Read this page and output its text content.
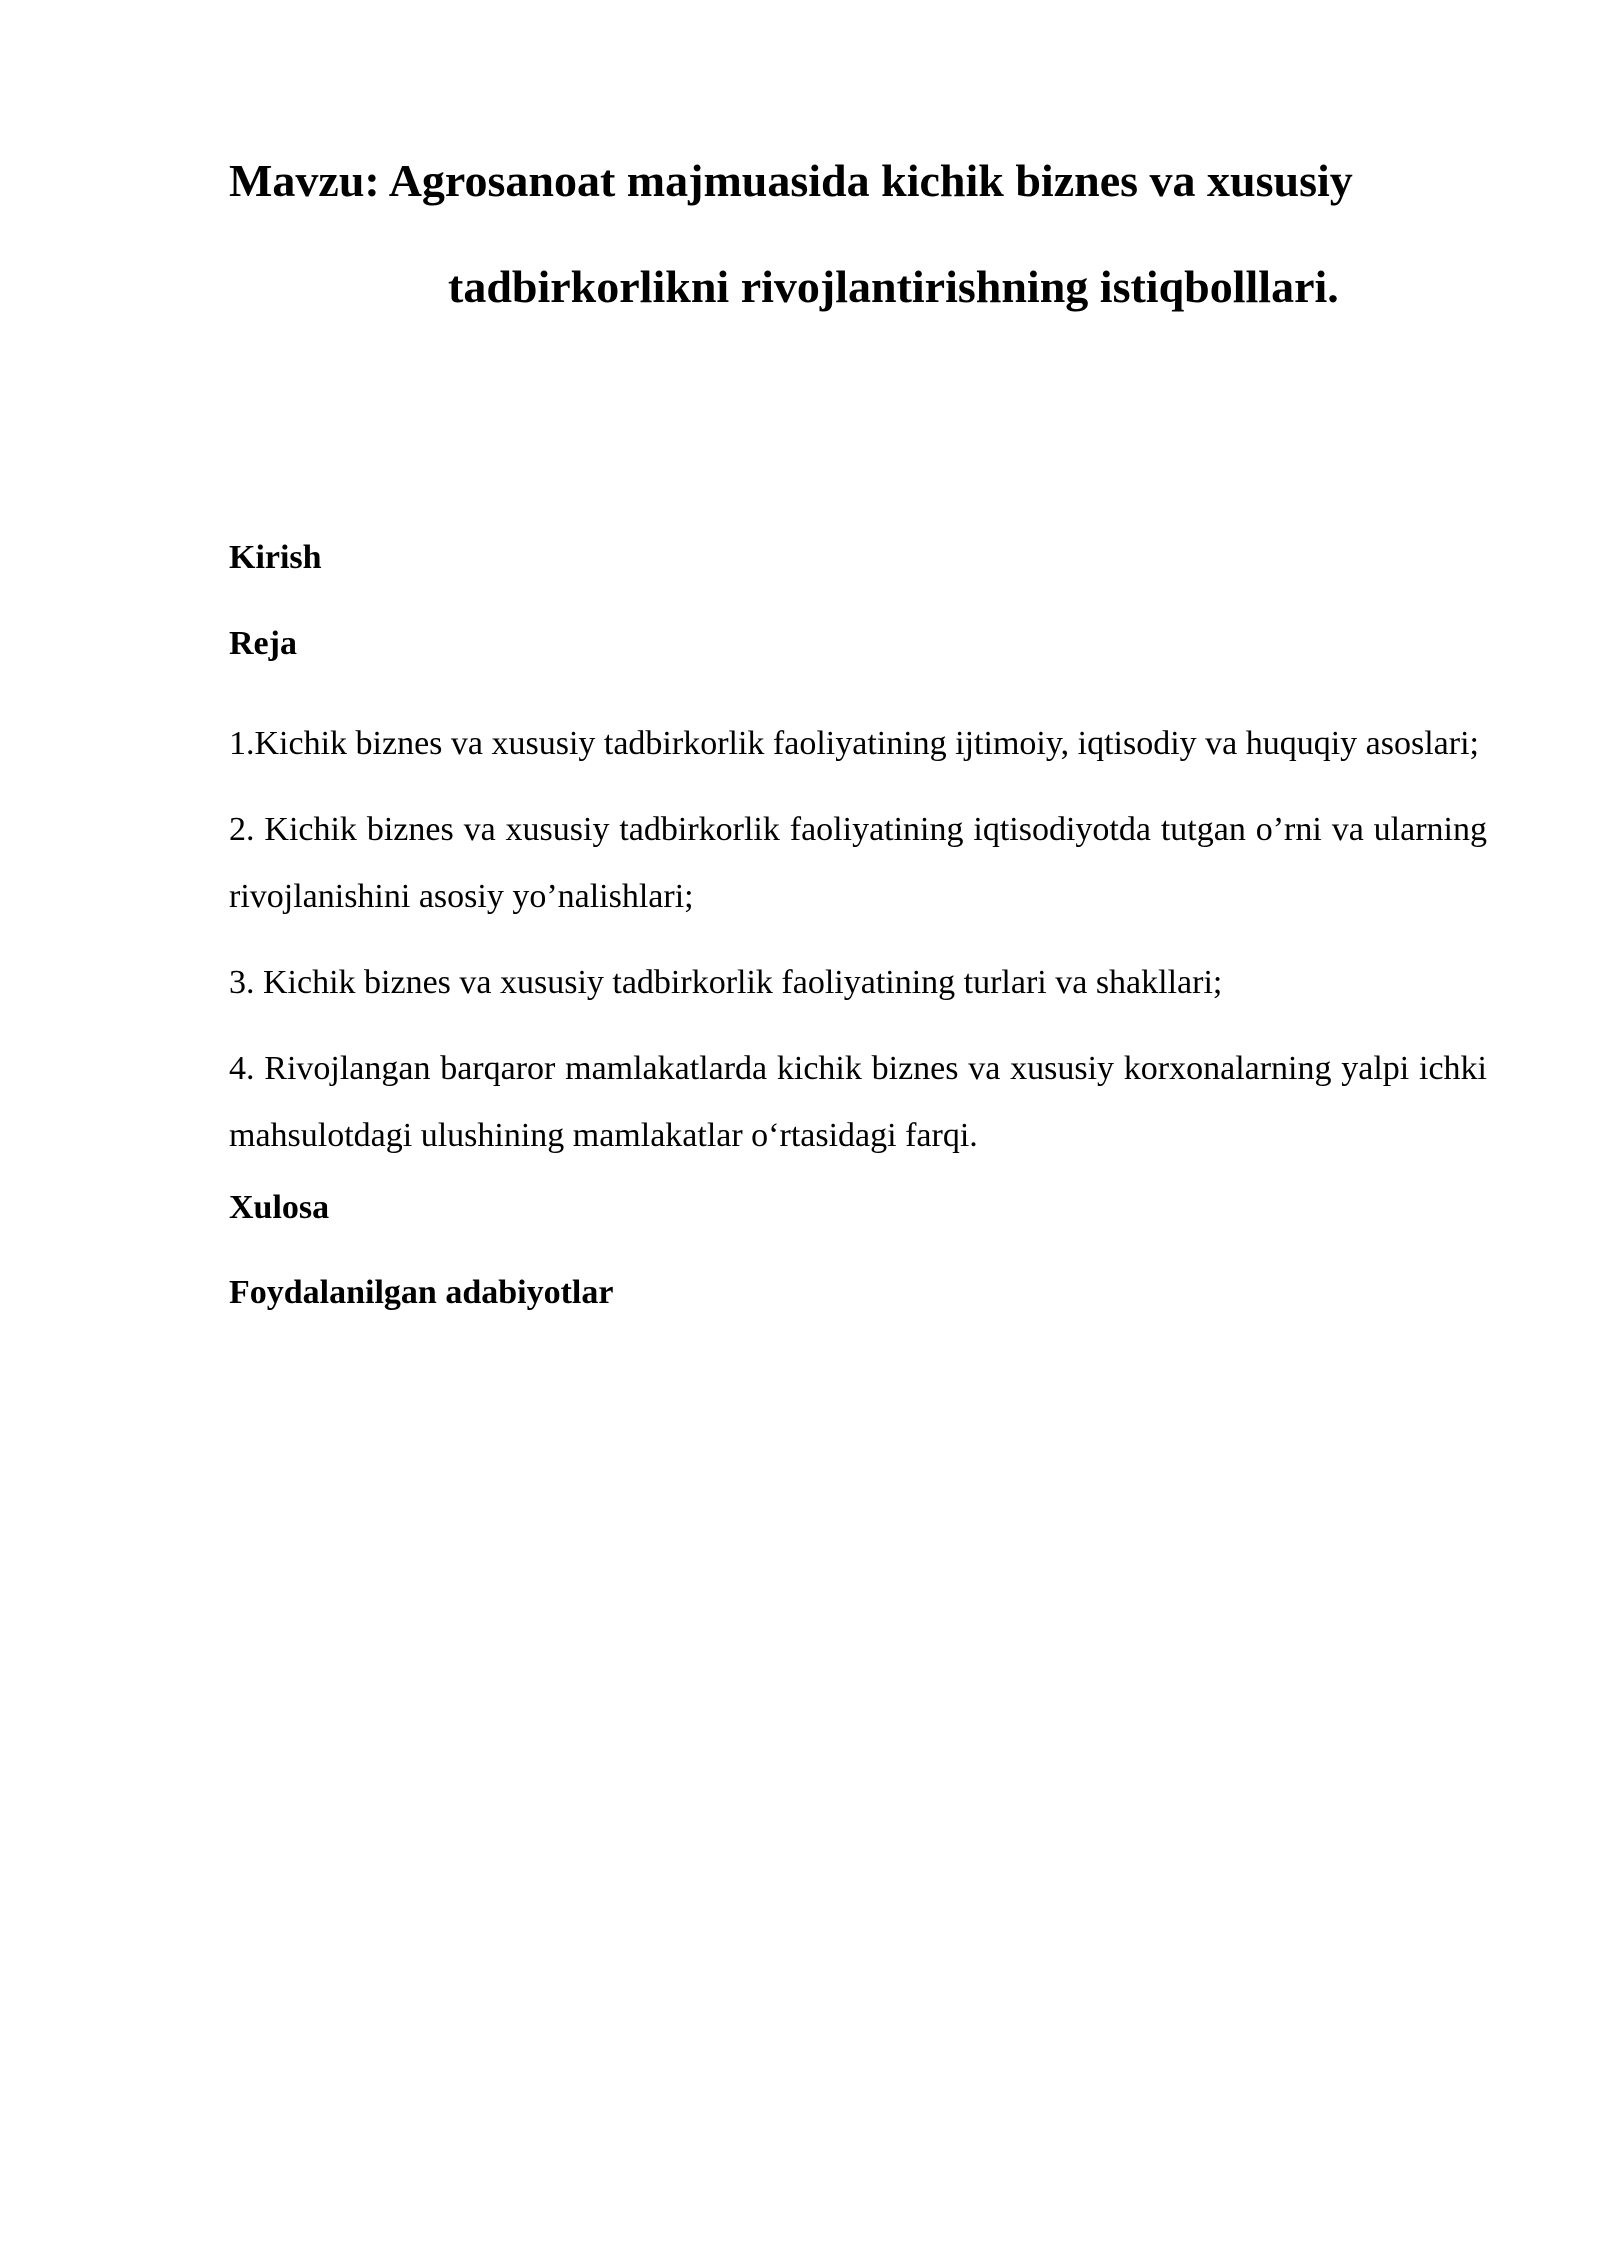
Mavzu: Agrosanoat majmuasida kichik biznes va xususiy
tadbirkorlikni rivojlantirishning istiqbolllari.

Kirish

Reja

1.Kichik biznes va xususiy tadbirkorlik faoliyatining ijtimoiy, iqtisodiy va huquqiy asoslari;

2. Kichik biznes va xususiy tadbirkorlik faoliyatining iqtisodiyotda tutgan o’rni va ularning rivojlanishini asosiy yo’nalishlari;

3. Kichik biznes va xususiy tadbirkorlik faoliyatining turlari va shakllari;

4. Rivojlangan barqaror mamlakatlarda kichik biznes va xususiy korxonalarning yalpi ichki mahsulotdagi ulushining mamlakatlar o‘rtasidagi farqi.

Xulosa

Foydalanilgan adabiyotlar
